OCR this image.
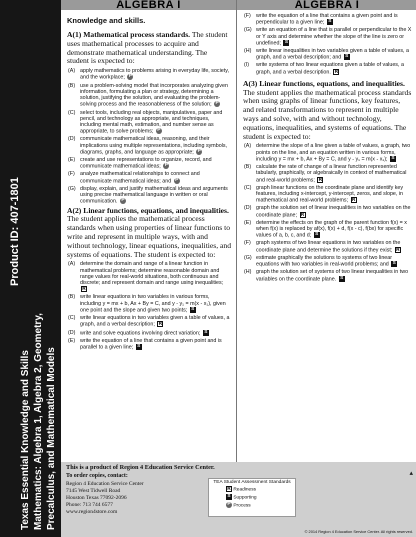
Product ID: 407-1801
Texas Essential Knowledge and Skills Mathematics: Algebra 1, Algebra 2, Geometry, Precalculus, and Mathematical Models
ALGEBRA I
Knowledge and skills.
A(1) Mathematical process standards. The student uses mathematical processes to acquire and demonstrate mathematical understanding. The student is expected to:
(A) apply mathematics to problems arising in everyday life, society, and the workplace; P
(B) use a problem-solving model that incorporates analyzing given information, formulating a plan or strategy, determining a solution, justifying the solution, and evaluating the problem-solving process and the reasonableness of the solution; P
(C) select tools, including real objects, manipulatives, paper and pencil, and technology as appropriate, and techniques, including mental math, estimation, and number sense as appropriate, to solve problems; P
(D) communicate mathematical ideas, reasoning, and their implications using multiple representations, including symbols, diagrams, graphs, and language as appropriate; P
(E) create and use representations to organize, record, and communicate mathematical ideas; P
(F) analyze mathematical relationships to connect and communicate mathematical ideas; and P
(G) display, explain, and justify mathematical ideas and arguments using precise mathematical language in written or oral communication. P
A(2) Linear functions, equations, and inequalities. The student applies the mathematical process standards when using properties of linear functions to write and represent in multiple ways, with and without technology, linear equations, inequalities, and systems of equations. The student is expected to:
(A) determine the domain and range of a linear function in mathematical problems; determine reasonable domain and range values for real-world situations, both continuous and discrete; and represent domain and range using inequalities; R
(B) write linear equations in two variables in various forms, including y = mx + b, Ax + By = C, and y - y₁ = m(x - x₁), given one point and the slope and given two points; S
(C) write linear equations in two variables given a table of values, a graph, and a verbal description; R
(D) write and solve equations involving direct variation; S
(E) write the equation of a line that contains a given point and is parallel to a given line; S
ALGEBRA I
(F) write the equation of a line that contains a given point and is perpendicular to a given line; S
(G) write an equation of a line that is parallel or perpendicular to the X or Y axis and determine whether the slope of the line is zero or undefined; S
(H) write linear inequalities in two variables given a table of values, a graph, and a verbal description; and S
(I) write systems of two linear equations given a table of values, a graph, and a verbal description. R
A(3) Linear functions, equations, and inequalities. The student applies the mathematical process standards when using graphs of linear functions, key features, and related transformations to represent in multiple ways and solve, with and without technology, equations, inequalities, and systems of equations. The student is expected to:
(A) determine the slope of a line given a table of values, a graph, two points on the line, and an equation written in various forms, including y = mx + b, Ax + By = C, and y - y₁ = m(x - x₁); S
(B) calculate the rate of change of a linear function represented tabularly, graphically, or algebraically in context of mathematical and real-world problems; R
(C) graph linear functions on the coordinate plane and identify key features, including x-intercept, y-intercept, zeros, and slope, in mathematical and real-world problems; R
(D) graph the solution set of linear inequalities in two variables on the coordinate plane; R
(E) determine the effects on the graph of the parent function f(x) = x when f(x) is replaced by af(x), f(x) + d, f(x - c), f(bx) for specific values of a, b, c, and d; S
(F) graph systems of two linear equations in two variables on the coordinate plane and determine the solutions if they exist; R
(G) estimate graphically the solutions to systems of two linear equations with two variables in real-world problems; and S
(H) graph the solution set of systems of two linear inequalities in two variables on the coordinate plane. S
This is a product of Region 4 Education Service Center.
To order copies, contact:
Region 4 Education Service Center
7145 West Tidwell Road
Houston Texas 77092-2096
Phone: 713 744 6577
www.region4store.com
TEA Student Assessment Standards
R Readiness
S Supporting
P Process
▴
© 2014 Region 4 Education Service Center. All rights reserved.
